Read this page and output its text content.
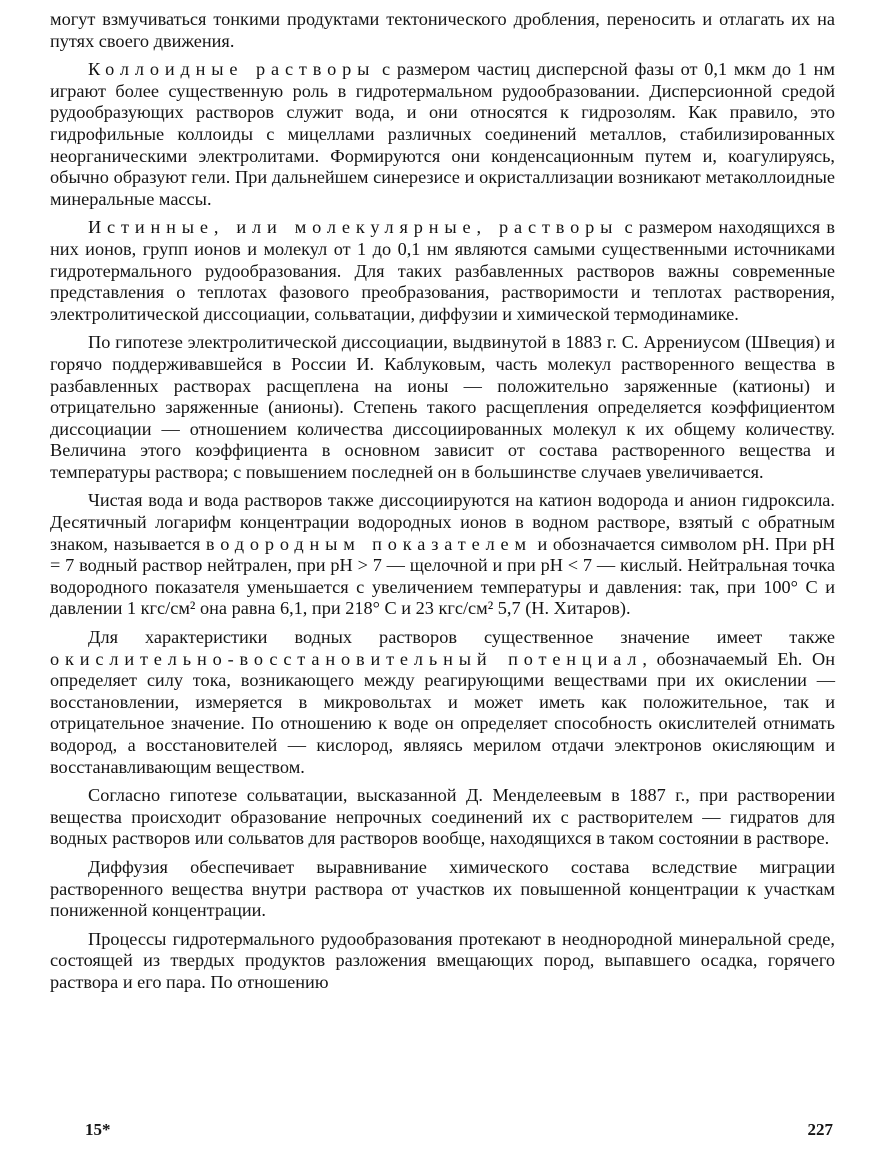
могут взмучиваться тонкими продуктами тектонического дробления, переносить и отлагать их на путях своего движения.

Коллоидные растворы с размером частиц дисперсной фазы от 0,1 мкм до 1 нм играют более существенную роль в гидротермальном рудообразовании. Дисперсионной средой рудообразующих растворов служит вода, и они относятся к гидрозолям. Как правило, это гидрофильные коллоиды с мицеллами различных соединений металлов, стабилизированных неорганическими электролитами. Формируются они конденсационным путем и, коагулируясь, обычно образуют гели. При дальнейшем синерезисе и окристаллизации возникают метаколлоидные минеральные массы.

Истинные, или молекулярные, растворы с размером находящихся в них ионов, групп ионов и молекул от 1 до 0,1 нм являются самыми существенными источниками гидротермального рудообразования. Для таких разбавленных растворов важны современные представления о теплотах фазового преобразования, растворимости и теплотах растворения, электролитической диссоциации, сольватации, диффузии и химической термодинамике.

По гипотезе электролитической диссоциации, выдвинутой в 1883 г. С. Аррениусом (Швеция) и горячо поддерживавшейся в России И. Каблуковым, часть молекул растворенного вещества в разбавленных растворах расщеплена на ионы — положительно заряженные (катионы) и отрицательно заряженные (анионы). Степень такого расщепления определяется коэффициентом диссоциации — отношением количества диссоциированных молекул к их общему количеству. Величина этого коэффициента в основном зависит от состава растворенного вещества и температуры раствора; с повышением последней он в большинстве случаев увеличивается.

Чистая вода и вода растворов также диссоциируются на катион водорода и анион гидроксила. Десятичный логарифм концентрации водородных ионов в водном растворе, взятый с обратным знаком, называется водородным показателем и обозначается символом pH. При pH = 7 водный раствор нейтрален, при pH > 7 — щелочной и при pH < 7 — кислый. Нейтральная точка водородного показателя уменьшается с увеличением температуры и давления: так, при 100° С и давлении 1 кгс/см² она равна 6,1, при 218° С и 23 кгс/см² 5,7 (Н. Хитаров).

Для характеристики водных растворов существенное значение имеет также окислительно-восстановительный потенциал, обозначаемый Eh. Он определяет силу тока, возникающего между реагирующими веществами при их окислении — восстановлении, измеряется в микровольтах и может иметь как положительное, так и отрицательное значение. По отношению к воде он определяет способность окислителей отнимать водород, а восстановителей — кислород, являясь мерилом отдачи электронов окисляющим и восстанавливающим веществом.

Согласно гипотезе сольватации, высказанной Д. Менделеевым в 1887 г., при растворении вещества происходит образование непрочных соединений их с растворителем — гидратов для водных растворов или сольватов для растворов вообще, находящихся в таком состоянии в растворе.

Диффузия обеспечивает выравнивание химического состава вследствие миграции растворенного вещества внутри раствора от участков их повышенной концентрации к участкам пониженной концентрации.

Процессы гидротермального рудообразования протекают в неоднородной минеральной среде, состоящей из твердых продуктов разложения вмещающих пород, выпавшего осадка, горячего раствора и его пара. По отношению

15*	227
